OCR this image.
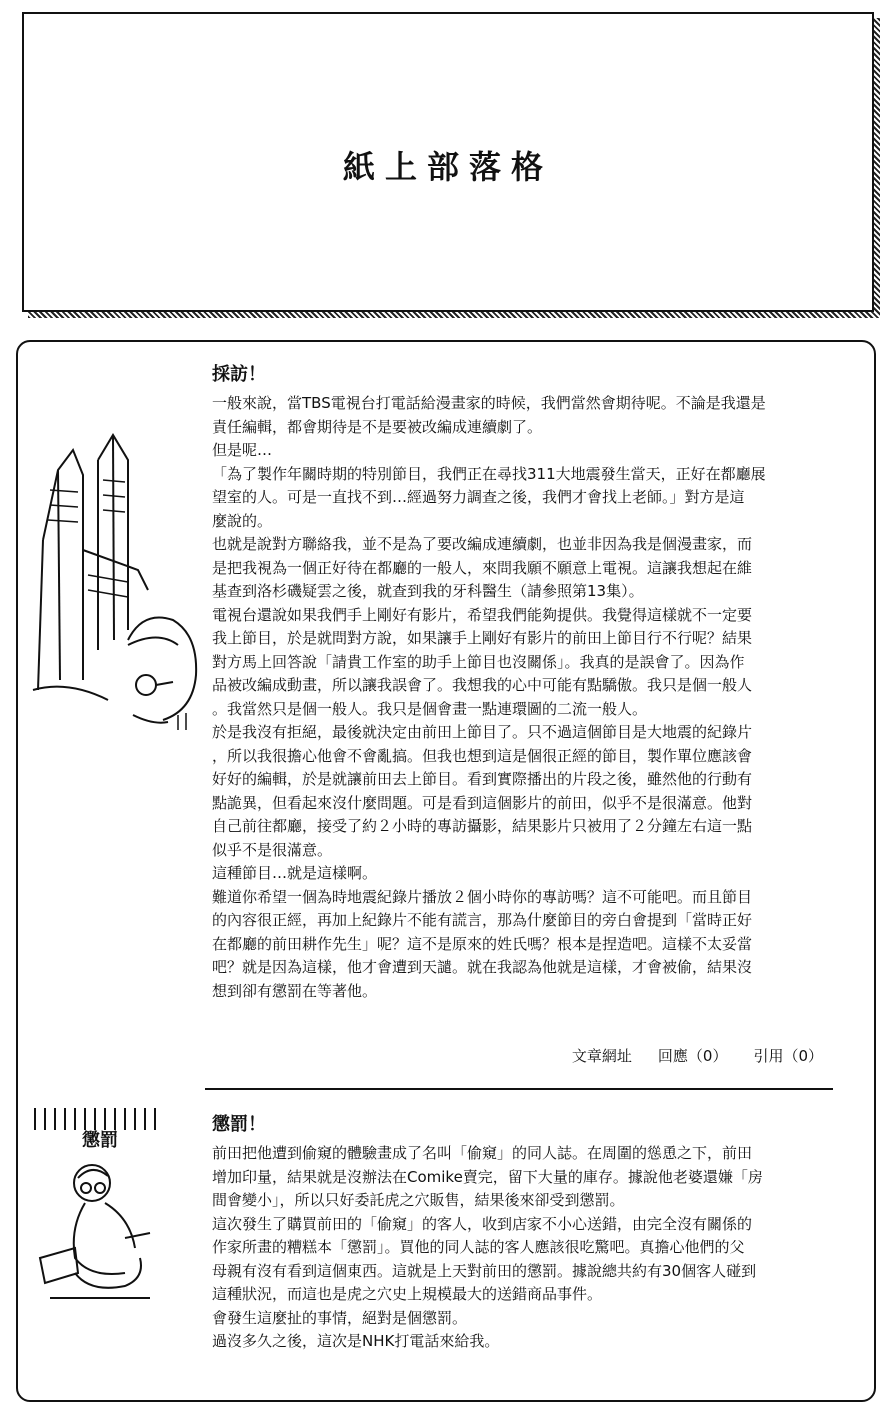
紙上部落格
採訪！

一般來說，當TBS電視台打電話給漫畫家的時候，我們當然會期待呢。不論是我還是
責任編輯，都會期待是不是要被改編成連續劇了。

但是呢…

「為了製作年關時期的特別節目，我們正在尋找311大地震發生當天，正好在都廳展
望室的人。可是一直找不到…經過努力調查之後，我們才會找上老師。」對方是這
麼說的。

也就是說對方聯絡我，並不是為了要改編成連續劇，也並非因為我是個漫畫家，而
是把我視為一個正好待在都廳的一般人，來問我願不願意上電視。這讓我想起在維
基查到洛杉磯疑雲之後，就查到我的牙科醫生（請參照第13集）。

電視台還說如果我們手上剛好有影片，希望我們能夠提供。我覺得這樣就不一定要
我上節目，於是就問對方說，如果讓手上剛好有影片的前田上節目行不行呢？結果
對方馬上回答說「請貴工作室的助手上節目也沒關係」。我真的是誤會了。因為作
品被改編成動畫，所以讓我誤會了。我想我的心中可能有點驕傲。我只是個一般人
。我當然只是個一般人。我只是個會畫一點連環圖的二流一般人。

於是我沒有拒絕，最後就決定由前田上節目了。只不過這個節目是大地震的紀錄片
，所以我很擔心他會不會亂搞。但我也想到這是個很正經的節目，製作單位應該會
好好的編輯，於是就讓前田去上節目。看到實際播出的片段之後，雖然他的行動有
點詭異，但看起來沒什麼問題。可是看到這個影片的前田，似乎不是很滿意。他對
自己前往都廳，接受了約２小時的專訪攝影，結果影片只被用了２分鐘左右這一點
似乎不是很滿意。

這種節目…就是這樣啊。

難道你希望一個為時地震紀錄片播放２個小時你的專訪嗎？這不可能吧。而且節目
的內容很正經，再加上紀錄片不能有謊言，那為什麼節目的旁白會提到「當時正好
在都廳的前田耕作先生」呢？這不是原來的姓氏嗎？根本是捏造吧。這樣不太妥當
吧？就是因為這樣，他才會遭到天譴。就在我認為他就是這樣，才會被偷，結果沒
想到卻有懲罰在等著他。

文章網址 回應（0） 引用（0）
懲罰
懲罰！

前田把他遭到偷窺的體驗畫成了名叫「偷窺」的同人誌。在周圍的慫恿之下，前田
增加印量，結果就是沒辦法在Comike賣完，留下大量的庫存。據說他老婆還嫌「房
間會變小」，所以只好委託虎之穴販售，結果後來卻受到懲罰。

這次發生了購買前田的「偷窺」的客人，收到店家不小心送錯，由完全沒有關係的
作家所畫的糟糕本「懲罰」。買他的同人誌的客人應該很吃驚吧。真擔心他們的父
母親有沒有看到這個東西。這就是上天對前田的懲罰。據說總共約有30個客人碰到
這種狀況，而這也是虎之穴史上規模最大的送錯商品事件。

會發生這麼扯的事情，絕對是個懲罰。

過沒多久之後，這次是NHK打電話來給我。
